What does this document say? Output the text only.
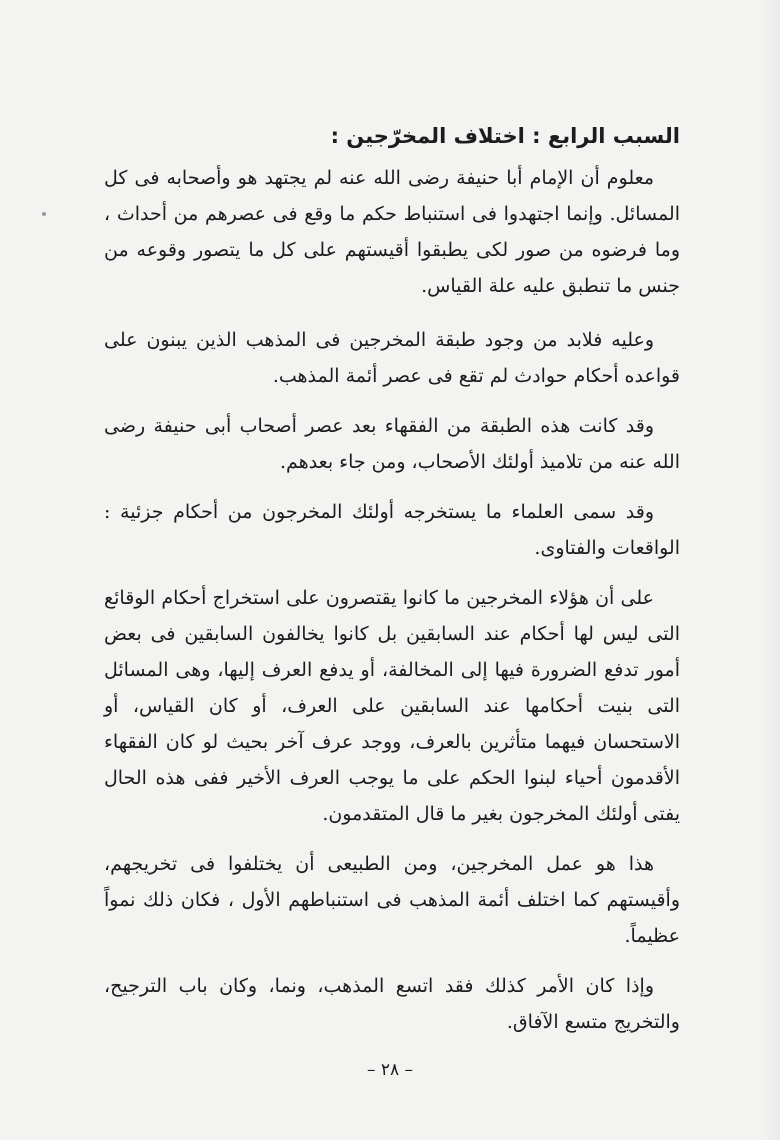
السبب الرابع : اختلاف المخرّجين :

معلوم أن الإمام أبا حنيفة رضى الله عنه لم يجتهد هو وأصحابه فى كل المسائل. وإنما اجتهدوا فى استنباط حكم ما وقع فى عصرهم من أحداث ، وما فرضوه من صور لكى يطبقوا أقيستهم على كل ما يتصور وقوعه من جنس ما تنطبق عليه علة القياس.

وعليه فلابد من وجود طبقة المخرجين فى المذهب الذين يبنون على قواعده أحكام حوادث لم تقع فى عصر أئمة المذهب.

وقد كانت هذه الطبقة من الفقهاء بعد عصر أصحاب أبى حنيفة رضى الله عنه من تلاميذ أولئك الأصحاب، ومن جاء بعدهم.

وقد سمى العلماء ما يستخرجه أولئك المخرجون من أحكام جزئية : الواقعات والفتاوى.

على أن هؤلاء المخرجين ما كانوا يقتصرون على استخراج أحكام الوقائع التى ليس لها أحكام عند السابقين بل كانوا يخالفون السابقين فى بعض أمور تدفع الضرورة فيها إلى المخالفة، أو يدفع العرف إليها، وهى المسائل التى بنيت أحكامها عند السابقين على العرف، أو كان القياس، أو الاستحسان فيهما متأثرين بالعرف، ووجد عرف آخر بحيث لو كان الفقهاء الأقدمون أحياء لبنوا الحكم على ما يوجب العرف الأخير ففى هذه الحال يفتى أولئك المخرجون بغير ما قال المتقدمون.

هذا هو عمل المخرجين، ومن الطبيعى أن يختلفوا فى تخريجهم، وأقيستهم كما اختلف أئمة المذهب فى استنباطهم الأول ، فكان ذلك نمواً عظيماً.

وإذا كان الأمر كذلك فقد اتسع المذهب، ونما، وكان باب الترجيح، والتخريج متسع الآفاق.

– ٢٨ –
